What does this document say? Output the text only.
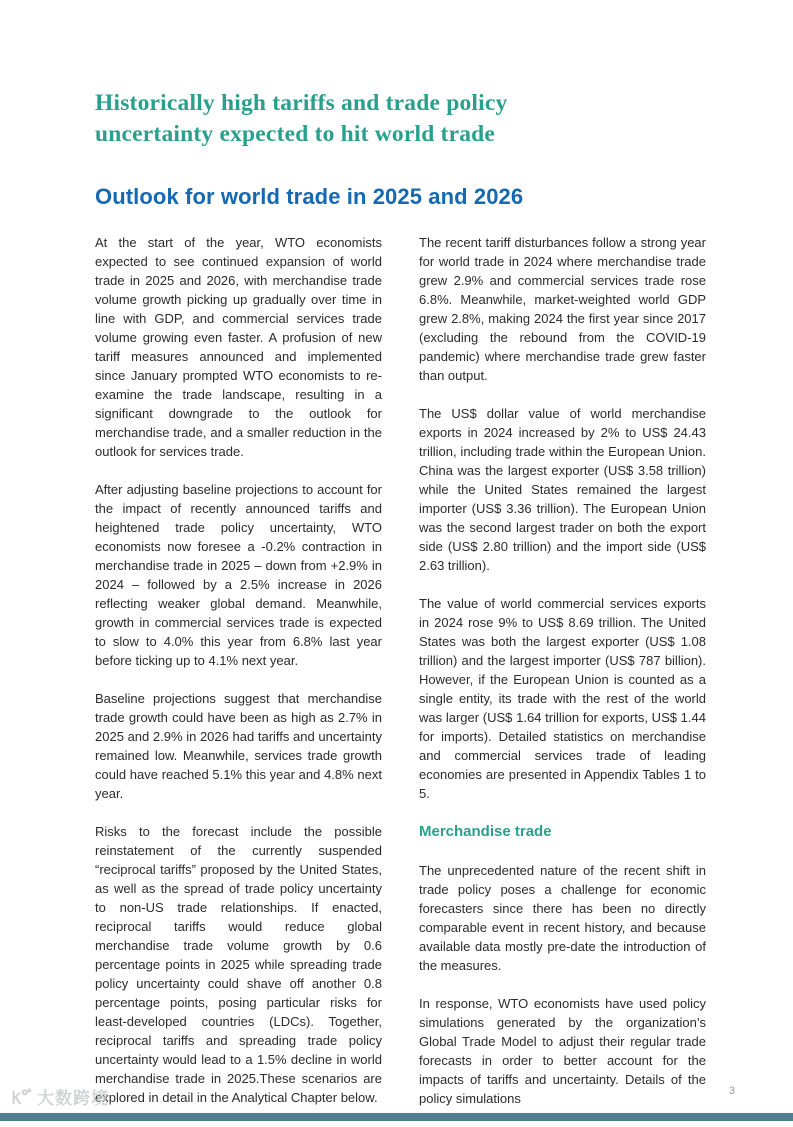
Historically high tariffs and trade policy
uncertainty expected to hit world trade
Outlook for world trade in 2025 and 2026

At the start of the year, WTO economists expected to see continued expansion of world trade in 2025 and 2026, with merchandise trade volume growth picking up gradually over time in line with GDP, and commercial services trade volume growing even faster. A profusion of new tariff measures announced and implemented since January prompted WTO economists to re-examine the trade landscape, resulting in a significant downgrade to the outlook for merchandise trade, and a smaller reduction in the outlook for services trade.

After adjusting baseline projections to account for the impact of recently announced tariffs and heightened trade policy uncertainty, WTO economists now foresee a -0.2% contraction in merchandise trade in 2025 – down from +2.9% in 2024 – followed by a 2.5% increase in 2026 reflecting weaker global demand. Meanwhile, growth in commercial services trade is expected to slow to 4.0% this year from 6.8% last year before ticking up to 4.1% next year.

Baseline projections suggest that merchandise trade growth could have been as high as 2.7% in 2025 and 2.9% in 2026 had tariffs and uncertainty remained low. Meanwhile, services trade growth could have reached 5.1% this year and 4.8% next year.

Risks to the forecast include the possible reinstatement of the currently suspended “reciprocal tariffs” proposed by the United States, as well as the spread of trade policy uncertainty to non-US trade relationships. If enacted, reciprocal tariffs would reduce global merchandise trade volume growth by 0.6 percentage points in 2025 while spreading trade policy uncertainty could shave off another 0.8 percentage points, posing particular risks for least-developed countries (LDCs). Together, reciprocal tariffs and spreading trade policy uncertainty would lead to a 1.5% decline in world merchandise trade in 2025.These scenarios are explored in detail in the Analytical Chapter below.

The recent tariff disturbances follow a strong year for world trade in 2024 where merchandise trade grew 2.9% and commercial services trade rose 6.8%. Meanwhile, market-weighted world GDP grew 2.8%, making 2024 the first year since 2017 (excluding the rebound from the COVID-19 pandemic) where merchandise trade grew faster than output.

The US$ dollar value of world merchandise exports in 2024 increased by 2% to US$ 24.43 trillion, including trade within the European Union. China was the largest exporter (US$ 3.58 trillion) while the United States remained the largest importer (US$ 3.36 trillion). The European Union was the second largest trader on both the export side (US$ 2.80 trillion) and the import side (US$ 2.63 trillion).

The value of world commercial services exports in 2024 rose 9% to US$ 8.69 trillion. The United States was both the largest exporter (US$ 1.08 trillion) and the largest importer (US$ 787 billion). However, if the European Union is counted as a single entity, its trade with the rest of the world was larger (US$ 1.64 trillion for exports, US$ 1.44 for imports). Detailed statistics on merchandise and commercial services trade of leading economies are presented in Appendix Tables 1 to 5.

Merchandise trade

The unprecedented nature of the recent shift in trade policy poses a challenge for economic forecasters since there has been no directly comparable event in recent history, and because available data mostly pre-date the introduction of the measures.

In response, WTO economists have used policy simulations generated by the organization’s Global Trade Model to adjust their regular trade forecasts in order to better account for the impacts of tariffs and uncertainty. Details of the policy simulations

大数跨境	3
